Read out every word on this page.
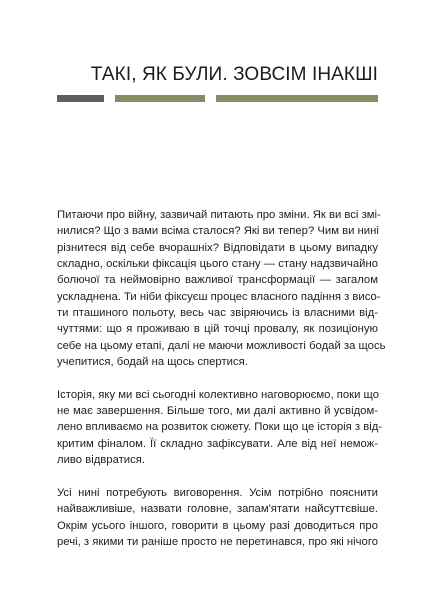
ТАКІ, ЯК БУЛИ. ЗОВСІМ ІНАКШІ

Питаючи про війну, зазвичай питають про зміни. Як ви всі змі-
нилися? Що з вами всіма сталося? Які ви тепер? Чим ви нині
різнитеся від себе вчорашніх? Відповідати в цьому випадку
складно, оскільки фіксація цього стану — стану надзвичайно
болючої та неймовірно важливої трансформації — загалом
ускладнена. Ти ніби фіксуєш процес власного падіння з висо-
ти пташиного польоту, весь час звіряючись із власними від-
чуттями: що я проживаю в цій точці провалу, як позиціоную
себе на цьому етапі, далі не маючи можливості бодай за щось
учепитися, бодай на щось спертися.

Історія, яку ми всі сьогодні колективно наговорюємо, поки що
не має завершення. Більше того, ми далі активно й усвідом-
лено впливаємо на розвиток сюжету. Поки що це історія з від-
критим фіналом. Її складно зафіксувати. Але від неї немож-
ливо відвратися.

Усі нині потребують виговорення. Усім потрібно пояснити
найважливіше, назвати головне, запам'ятати найсуттєвіше.
Окрім усього іншого, говорити в цьому разі доводиться про
речі, з якими ти раніше просто не перетинався, про які нічого
